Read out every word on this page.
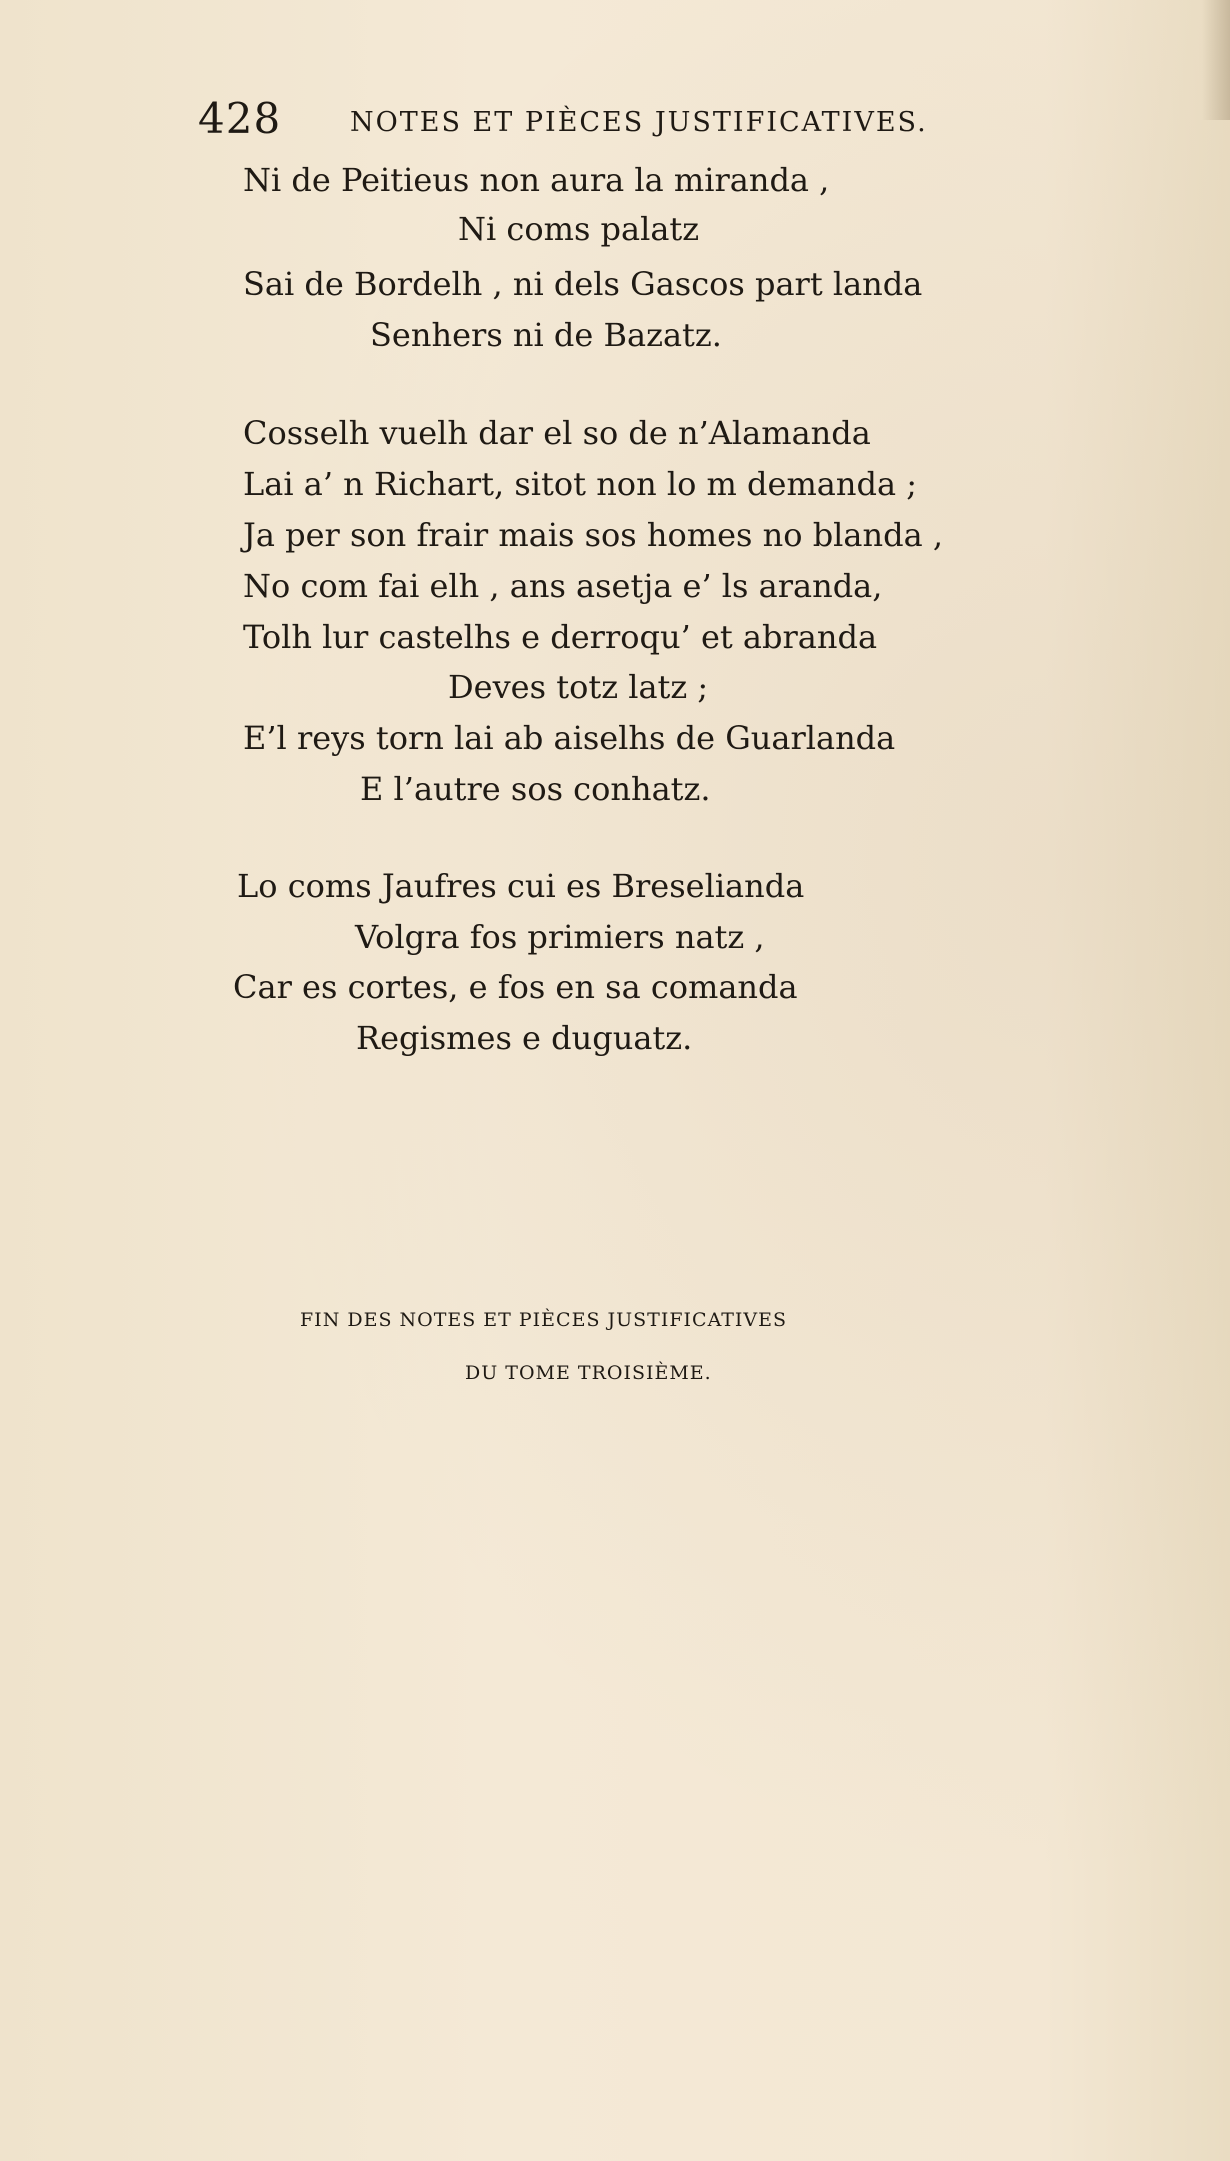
428	NOTES ET PIÈCES JUSTIFICATIVES.
Ni de Peitieus non aura la miranda ,
Ni coms palatz
Sai de Bordelh , ni dels Gascos part landa
Senhers ni de Bazatz.
Cosselh vuelh dar el so de n’Alamanda
Lai a’ n Richart, sitot non lo m demanda ;
Ja per son frair mais sos homes no blanda ,
No com fai elh , ans asetja e’ ls aranda,
Tolh lur castelhs e derroqu’ et abranda
Deves totz latz ;
E’l reys torn lai ab aiselhs de Guarlanda
E l’autre sos conhatz.
Lo coms Jaufres cui es Breselianda
Volgra fos primiers natz ,
Car es cortes, e fos en sa comanda
Regismes e duguatz.
FIN DES NOTES ET PIÈCES JUSTIFICATIVES
DU TOME TROISIÈME.
